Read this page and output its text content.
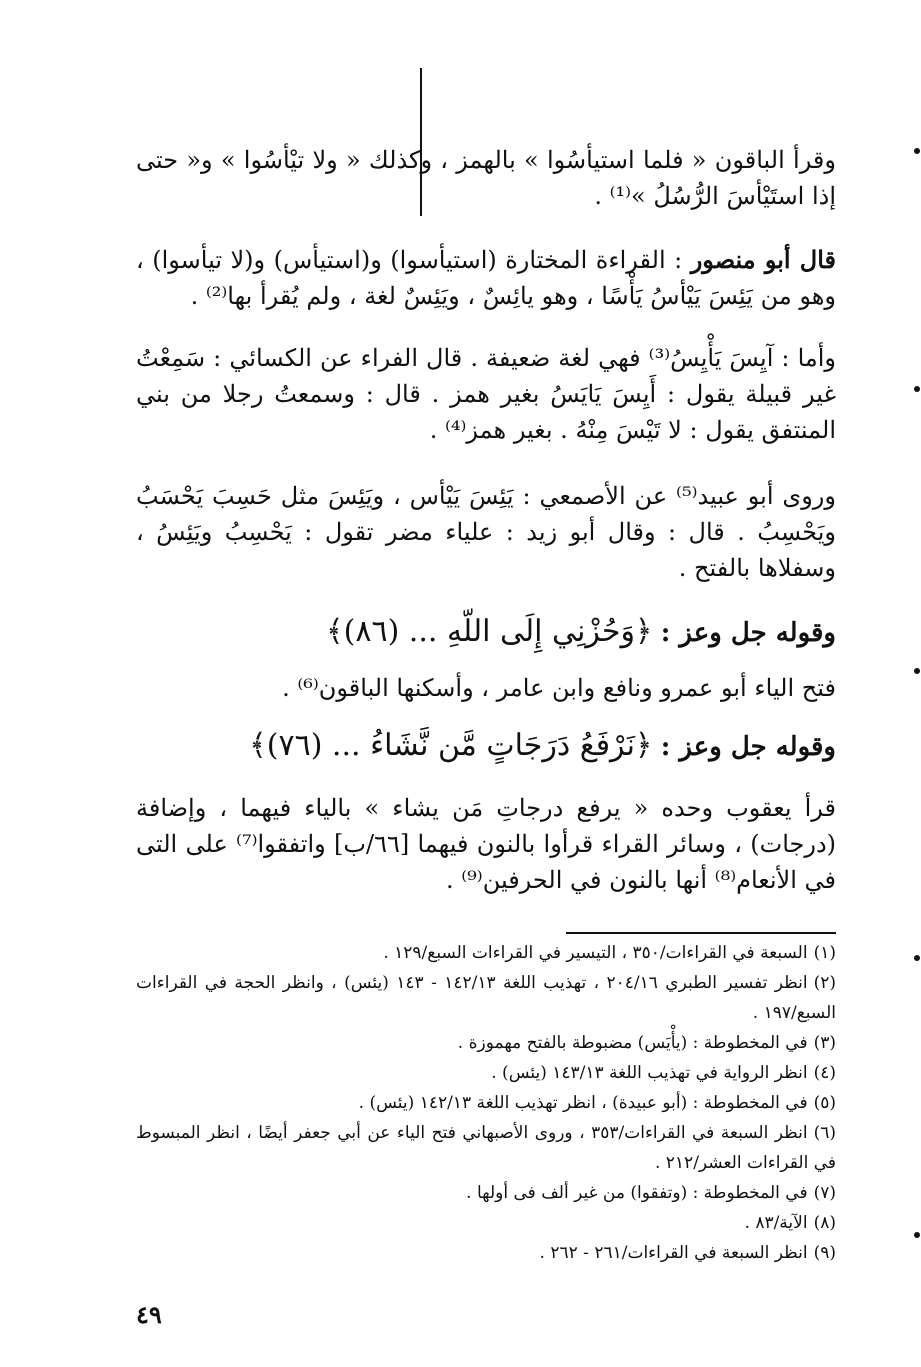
وقرأ الباقون « فلما استيأسُوا » بالهمز ، وكذلك « ولا تيْأسُوا » و« حتى إذا استَيْأسَ الرُّسُلُ »⁽¹⁾ .
قال أبو منصور : القراءة المختارة (استيأسوا) و(استيأس) و(لا تيأسوا) ، وهو من يَئِسَ يَيْأسُ يَأْسًا ، وهو يائِسٌ ، ويَئِسٌ لغة ، ولم يُقرأ بها⁽²⁾ .
وأما : آيِسَ يَأْيِسُ⁽³⁾ فهي لغة ضعيفة . قال الفراء عن الكسائي : سَمِعْتُ غير قبيلة يقول : أَيِسَ يَايَسُ بغير همز . قال : وسمعتُ رجلا من بني المنتفق يقول : لا تَيْسَ مِنْهُ . بغير همز⁽⁴⁾ .
وروى أبو عبيد⁽⁵⁾ عن الأصمعي : يَئِسَ يَيْأس ، ويَئِسَ مثل حَسِبَ يَحْسَبُ ويَحْسِبُ . قال : وقال أبو زيد : علياء مضر تقول : يَحْسِبُ ويَئِسُ ، وسفلاها بالفتح .
وقوله جل وعز : ﴿وَحُزْنِي إِلَى اللّهِ ... (٨٦)﴾
فتح الياء أبو عمرو ونافع وابن عامر ، وأسكنها الباقون⁽⁶⁾ .
وقوله جل وعز : ﴿نَرْفَعُ دَرَجَاتٍ مَّن نَّشَاءُ ... (٧٦)﴾
قرأ يعقوب وحده « يرفع درجاتِ مَن يشاء » بالياء فيهما ، وإضافة (درجات) ، وسائر القراء قرأوا بالنون فيهما [٦٦/ب] واتفقوا⁽⁷⁾ على التى في الأنعام⁽⁸⁾ أنها بالنون في الحرفين⁽⁹⁾ .

(١)السبعة في القراءات/٣٥٠ ، التيسير في القراءات السبع/١٢٩ .

(٢)انظر تفسير الطبري ٢٠٤/١٦ ، تهذيب اللغة ١٤٢/١٣ - ١٤٣ (يئس) ، وانظر الحجة في القراءات السبع/١٩٧ .

(٣)في المخطوطة : (يأْيَس) مضبوطة بالفتح مهموزة .

(٤)انظر الرواية في تهذيب اللغة ١٤٣/١٣ (يئس) .

(٥)في المخطوطة : (أبو عبيدة) ، انظر تهذيب اللغة ١٤٢/١٣ (يئس) .

(٦)انظر السبعة في القراءات/٣٥٣ ، وروى الأصبهاني فتح الياء عن أبي جعفر أيضًا ، انظر المبسوط في القراءات العشر/٢١٢ .

(٧)في المخطوطة : (وتفقوا) من غير ألف فى أولها .

(٨)الآية/٨٣ .

(٩)انظر السبعة في القراءات/٢٦١ - ٢٦٢ .

٤٩
